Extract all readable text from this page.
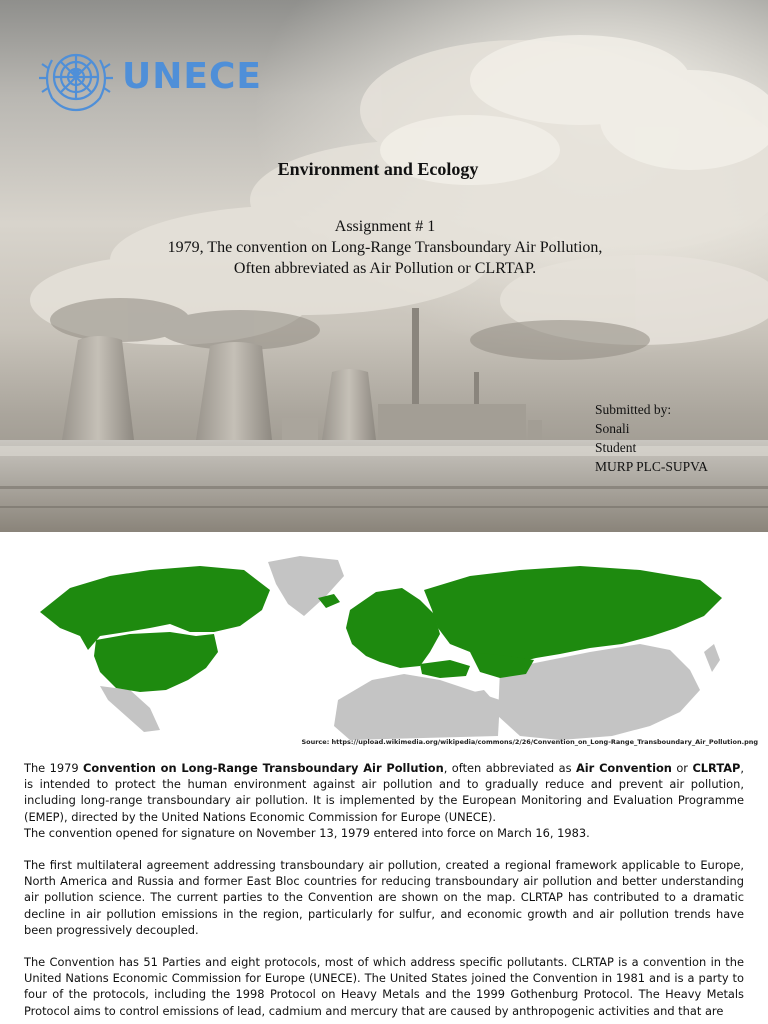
UNECE
Environment and Ecology
Assignment # 1
1979, The convention on Long-Range Transboundary Air Pollution,
Often abbreviated as Air Pollution or CLRTAP.
Submitted by:
Sonali
Student
MURP PLC-SUPVA
Source: https://upload.wikimedia.org/wikipedia/commons/2/26/Convention_on_Long-Range_Transboundary_Air_Pollution.png

The 1979 Convention on Long-Range Transboundary Air Pollution, often abbreviated as Air Convention or CLRTAP, is intended to protect the human environment against air pollution and to gradually reduce and prevent air pollution, including long-range transboundary air pollution. It is implemented by the European Monitoring and Evaluation Programme (EMEP), directed by the United Nations Economic Commission for Europe (UNECE).

The convention opened for signature on November 13, 1979 entered into force on March 16, 1983.

The first multilateral agreement addressing transboundary air pollution, created a regional framework applicable to Europe, North America and Russia and former East Bloc countries for reducing transboundary air pollution and better understanding air pollution science. The current parties to the Convention are shown on the map. CLRTAP has contributed to a dramatic decline in air pollution emissions in the region, particularly for sulfur, and economic growth and air pollution trends have been progressively decoupled.

The Convention has 51 Parties and eight protocols, most of which address specific pollutants. CLRTAP is a convention in the United Nations Economic Commission for Europe (UNECE). The United States joined the Convention in 1981 and is a party to four of the protocols, including the 1998 Protocol on Heavy Metals and the 1999 Gothenburg Protocol. The Heavy Metals Protocol aims to control emissions of lead, cadmium and mercury that are caused by anthropogenic activities and that are
